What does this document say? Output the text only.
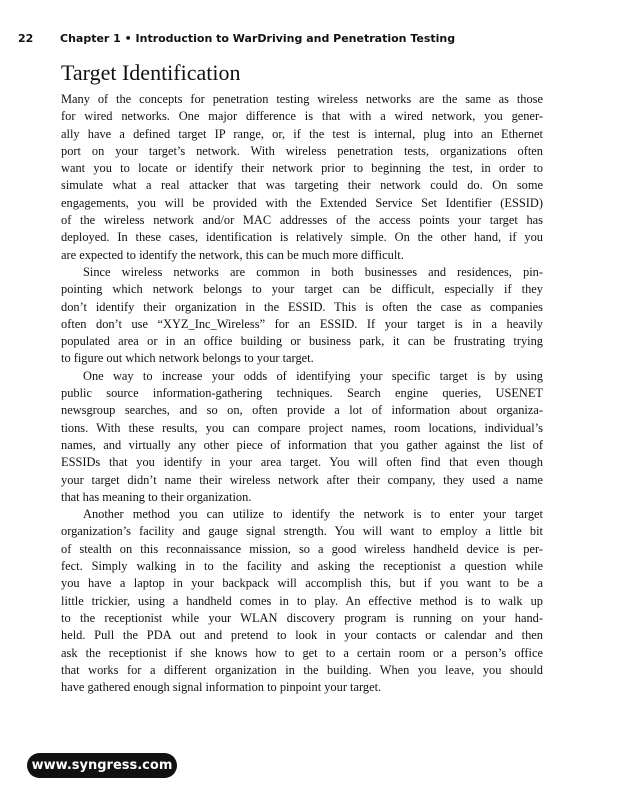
22 Chapter 1 • Introduction to WarDriving and Penetration Testing
Target Identification
Many of the concepts for penetration testing wireless networks are the same as those
for wired networks. One major difference is that with a wired network, you gener-
ally have a defined target IP range, or, if the test is internal, plug into an Ethernet
port on your target’s network. With wireless penetration tests, organizations often
want you to locate or identify their network prior to beginning the test, in order to
simulate what a real attacker that was targeting their network could do. On some
engagements, you will be provided with the Extended Service Set Identifier (ESSID)
of the wireless network and/or MAC addresses of the access points your target has
deployed. In these cases, identification is relatively simple. On the other hand, if you
are expected to identify the network, this can be much more difficult.
Since wireless networks are common in both businesses and residences, pin-
pointing which network belongs to your target can be difficult, especially if they
don’t identify their organization in the ESSID. This is often the case as companies
often don’t use “XYZ_Inc_Wireless” for an ESSID. If your target is in a heavily
populated area or in an office building or business park, it can be frustrating trying
to figure out which network belongs to your target.
One way to increase your odds of identifying your specific target is by using
public source information-gathering techniques. Search engine queries, USENET
newsgroup searches, and so on, often provide a lot of information about organiza-
tions. With these results, you can compare project names, room locations, individual’s
names, and virtually any other piece of information that you gather against the list of
ESSIDs that you identify in your area target. You will often find that even though
your target didn’t name their wireless network after their company, they used a name
that has meaning to their organization.
Another method you can utilize to identify the network is to enter your target
organization’s facility and gauge signal strength. You will want to employ a little bit
of stealth on this reconnaissance mission, so a good wireless handheld device is per-
fect. Simply walking in to the facility and asking the receptionist a question while
you have a laptop in your backpack will accomplish this, but if you want to be a
little trickier, using a handheld comes in to play. An effective method is to walk up
to the receptionist while your WLAN discovery program is running on your hand-
held. Pull the PDA out and pretend to look in your contacts or calendar and then
ask the receptionist if she knows how to get to a certain room or a person’s office
that works for a different organization in the building. When you leave, you should
have gathered enough signal information to pinpoint your target.
www.syngress.com
